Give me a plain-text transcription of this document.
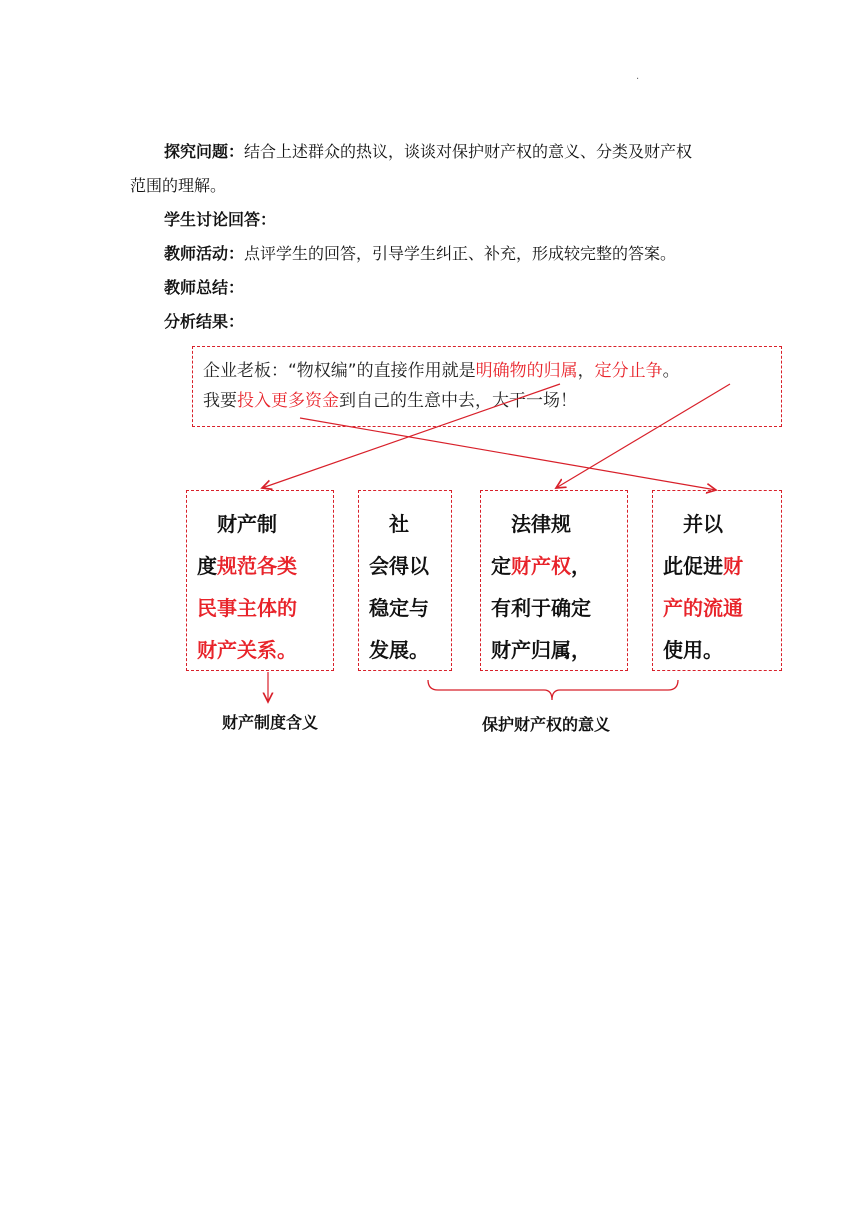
·
探究问题：结合上述群众的热议，谈谈对保护财产权的意义、分类及财产权
范围的理解。
学生讨论回答：
教师活动：点评学生的回答，引导学生纠正、补充，形成较完整的答案。
教师总结：
分析结果：
企业老板：“物权编”的直接作用就是明确物的归属，定分止争。
我要投入更多资金到自己的生意中去，大干一场！

　财产制

度规范各类

民事主体的

财产关系。

　社

会得以

稳定与

发展。

　法律规

定财产权，

有利于确定

财产归属，

　并以

此促进财

产的流通

使用。

财产制度含义	保护财产权的意义
